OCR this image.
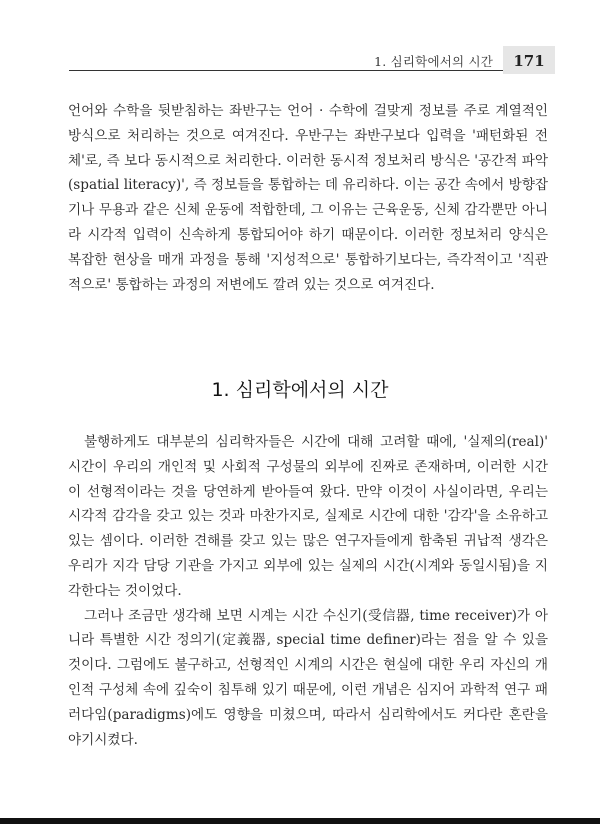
1. 심리학에서의 시간	171

언어와 수학을 뒷받침하는 좌반구는 언어 · 수학에 걸맞게 정보를 주로 계열적인 방식으로 처리하는 것으로 여겨진다. 우반구는 좌반구보다 입력을 '패턴화된 전체'로, 즉 보다 동시적으로 처리한다. 이러한 동시적 정보처리 방식은 '공간적 파악(spatial literacy)', 즉 정보들을 통합하는 데 유리하다. 이는 공간 속에서 방향잡기나 무용과 같은 신체 운동에 적합한데, 그 이유는 근육운동, 신체 감각뿐만 아니라 시각적 입력이 신속하게 통합되어야 하기 때문이다. 이러한 정보처리 양식은 복잡한 현상을 매개 과정을 통해 '지성적으로' 통합하기보다는, 즉각적이고 '직관적으로' 통합하는 과정의 저변에도 깔려 있는 것으로 여겨진다.

1. 심리학에서의 시간

불행하게도 대부분의 심리학자들은 시간에 대해 고려할 때에, '실제의(real)' 시간이 우리의 개인적 및 사회적 구성물의 외부에 진짜로 존재하며, 이러한 시간이 선형적이라는 것을 당연하게 받아들여 왔다. 만약 이것이 사실이라면, 우리는 시각적 감각을 갖고 있는 것과 마찬가지로, 실제로 시간에 대한 '감각'을 소유하고 있는 셈이다. 이러한 견해를 갖고 있는 많은 연구자들에게 함축된 귀납적 생각은 우리가 지각 담당 기관을 가지고 외부에 있는 실제의 시간(시계와 동일시됨)을 지각한다는 것이었다.

그러나 조금만 생각해 보면 시계는 시간 수신기(受信器, time receiver)가 아니라 특별한 시간 정의기(定義器, special time definer)라는 점을 알 수 있을 것이다. 그럼에도 불구하고, 선형적인 시계의 시간은 현실에 대한 우리 자신의 개인적 구성체 속에 깊숙이 침투해 있기 때문에, 이런 개념은 심지어 과학적 연구 패러다임(paradigms)에도 영향을 미쳤으며, 따라서 심리학에서도 커다란 혼란을 야기시켰다.
